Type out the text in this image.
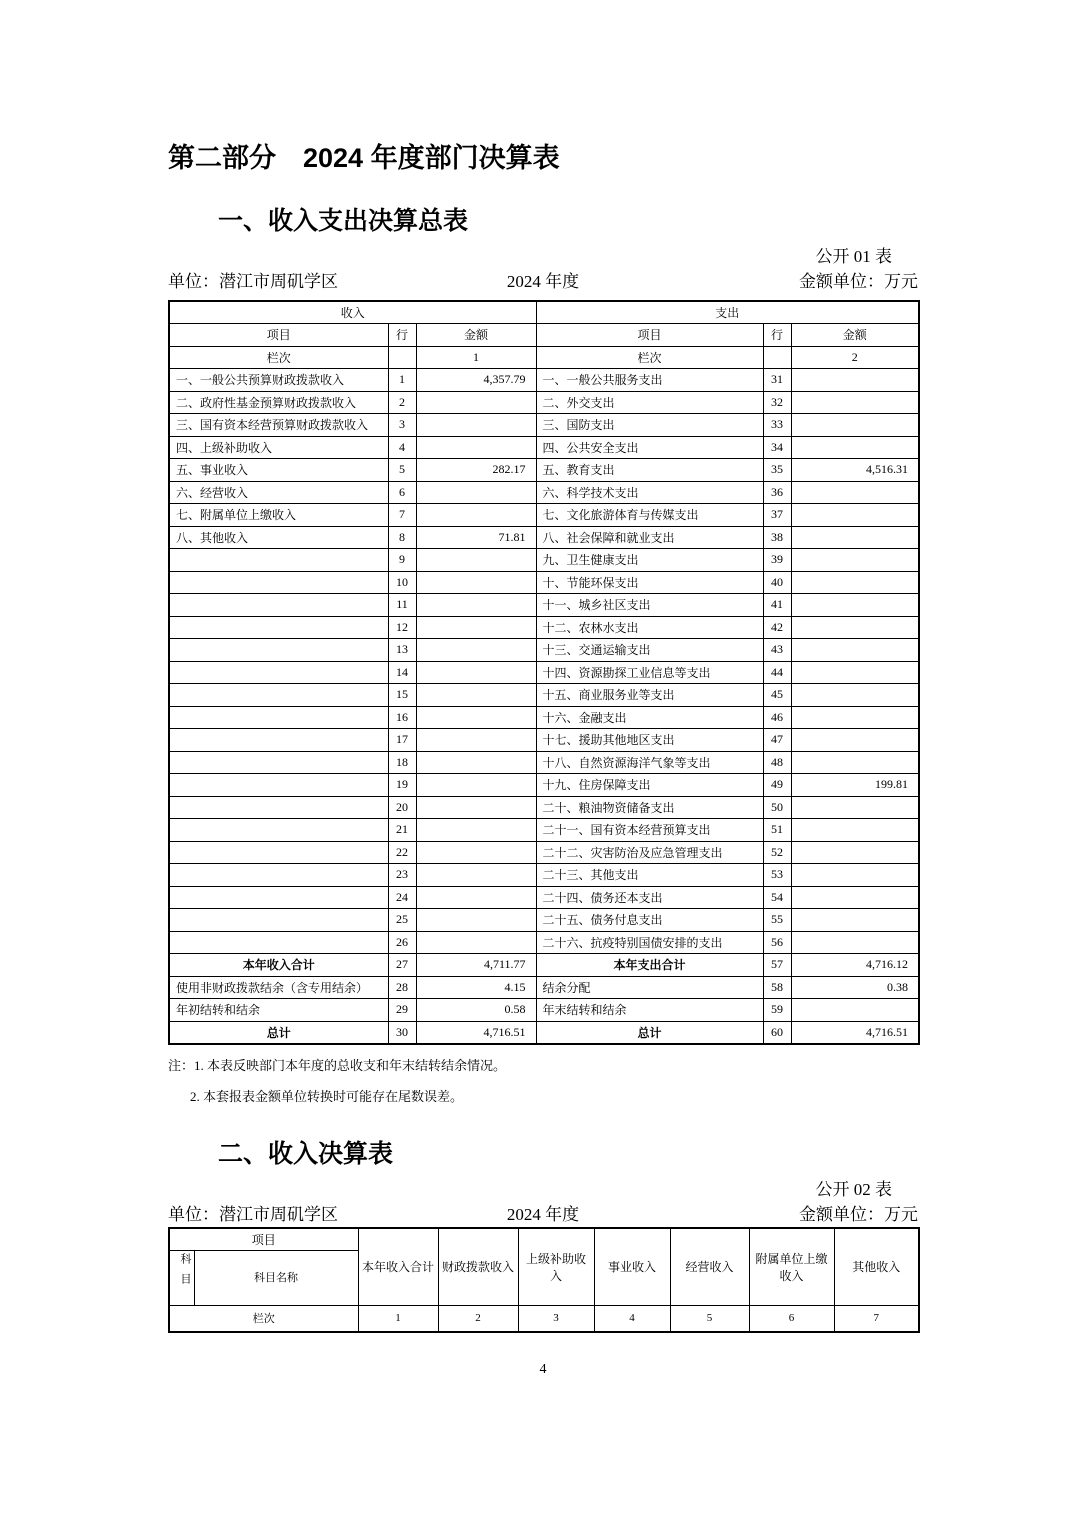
第二部分　2024 年度部门决算表
一、收入支出决算总表
公开 01 表
单位：潜江市周矶学区	2024 年度	金额单位：万元
收入			支出		
项目	行	金额	项目	行	金额
栏次		1	栏次		2
一、一般公共预算财政拨款收入	1	4,357.79	一、一般公共服务支出	31	
二、政府性基金预算财政拨款收入	2		二、外交支出	32	
三、国有资本经营预算财政拨款收入	3		三、国防支出	33	
四、上级补助收入	4		四、公共安全支出	34	
五、事业收入	5	282.17	五、教育支出	35	4,516.31
六、经营收入	6		六、科学技术支出	36	
七、附属单位上缴收入	7		七、文化旅游体育与传媒支出	37	
八、其他收入	8	71.81	八、社会保障和就业支出	38	
	9		九、卫生健康支出	39	
	10		十、节能环保支出	40	
	11		十一、城乡社区支出	41	
	12		十二、农林水支出	42	
	13		十三、交通运输支出	43	
	14		十四、资源勘探工业信息等支出	44	
	15		十五、商业服务业等支出	45	
	16		十六、金融支出	46	
	17		十七、援助其他地区支出	47	
	18		十八、自然资源海洋气象等支出	48	
	19		十九、住房保障支出	49	199.81
	20		二十、粮油物资储备支出	50	
	21		二十一、国有资本经营预算支出	51	
	22		二十二、灾害防治及应急管理支出	52	
	23		二十三、其他支出	53	
	24		二十四、债务还本支出	54	
	25		二十五、债务付息支出	55	
	26		二十六、抗疫特别国债安排的支出	56	
本年收入合计	27	4,711.77	本年支出合计	57	4,716.12
使用非财政拨款结余（含专用结余）	28	4.15	结余分配	58	0.38
年初结转和结余	29	0.58	年末结转和结余	59	
总计	30	4,716.51	总计	60	4,716.51
注：1. 本表反映部门本年度的总收支和年末结转结余情况。
2. 本套报表金额单位转换时可能存在尾数误差。
二、收入决算表
公开 02 表
单位：潜江市周矶学区	2024 年度	金额单位：万元
项目		本年收入合计	财政拨款收入	上级补助收入	事业收入	经营收入	附属单位上缴收入	其他收入
科目	科目名称							
栏次		1	2	3	4	5	6	7
4
